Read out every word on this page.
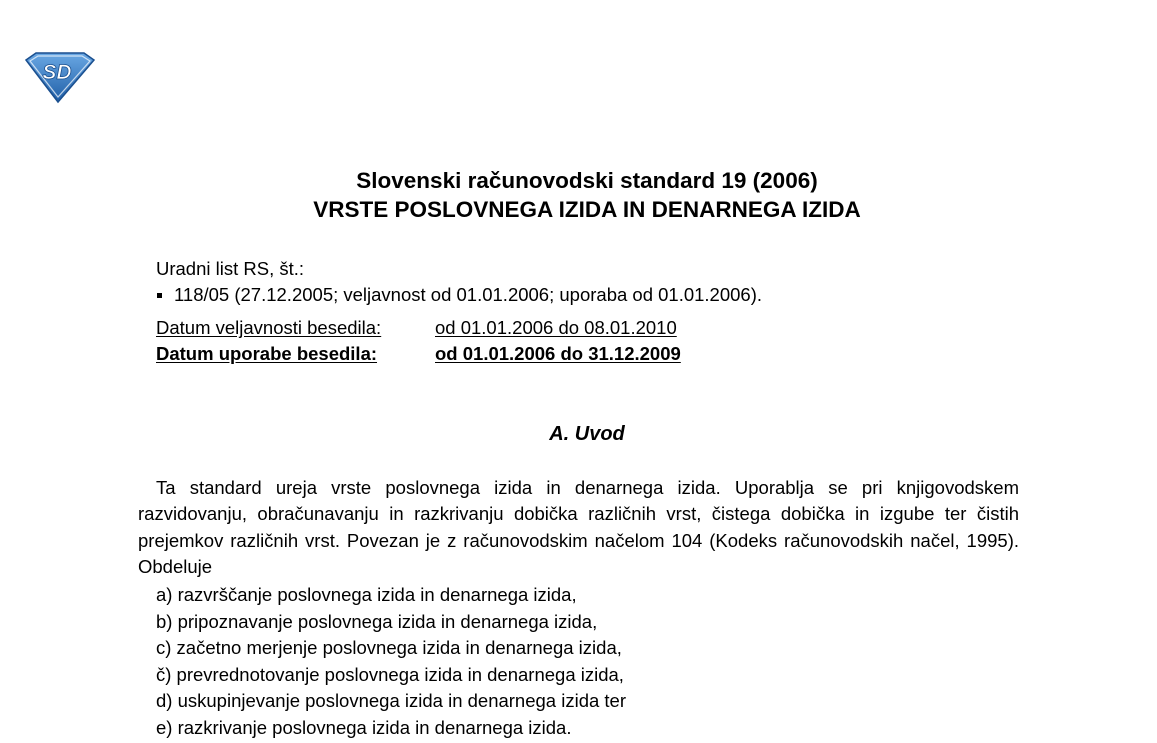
SD
Slovenski računovodski standard 19 (2006)
VRSTE POSLOVNEGA IZIDA IN DENARNEGA IZIDA
Uradni list RS, št.:
118/05 (27.12.2005; veljavnost od 01.01.2006; uporaba od 01.01.2006).
Datum veljavnosti besedila:	od 01.01.2006 do 08.01.2010
Datum uporabe besedila:	od 01.01.2006 do 31.12.2009
A. Uvod

Ta standard ureja vrste poslovnega izida in denarnega izida. Uporablja se pri knjigovodskem razvidovanju, obračunavanju in razkrivanju dobička različnih vrst, čistega dobička in izgube ter čistih prejemkov različnih vrst. Povezan je z računovodskim načelom 104 (Kodeks računovodskih načel, 1995). Obdeluje

a) razvrščanje poslovnega izida in denarnega izida,
b) pripoznavanje poslovnega izida in denarnega izida,
c) začetno merjenje poslovnega izida in denarnega izida,
č) prevrednotovanje poslovnega izida in denarnega izida,
d) uskupinjevanje poslovnega izida in denarnega izida ter
e) razkrivanje poslovnega izida in denarnega izida.
